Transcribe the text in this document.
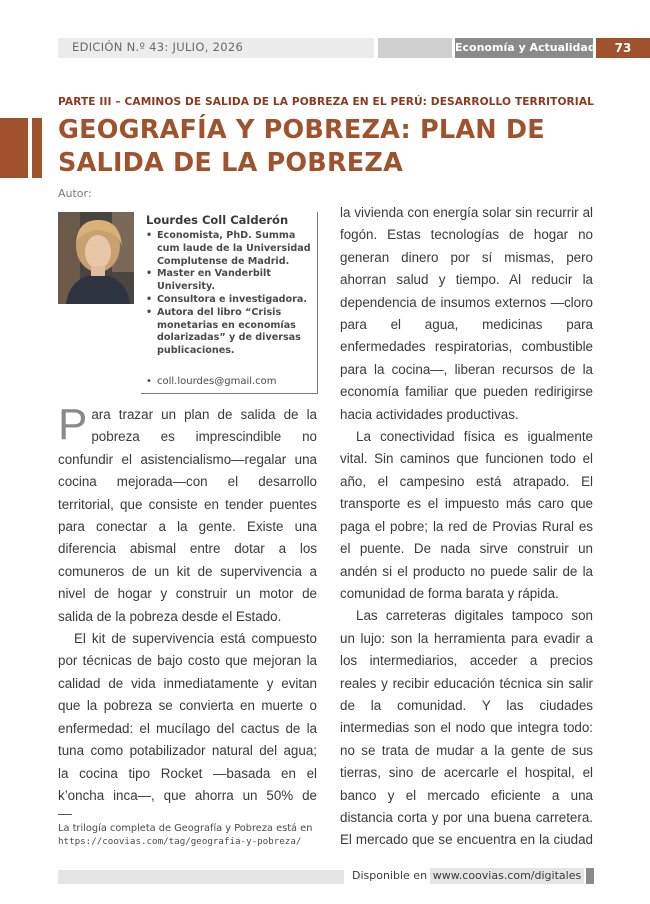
EDICIÓN N.º 43: JULIO, 2026	Economía y Actualidad	73
PARTE III – CAMINOS DE SALIDA DE LA POBREZA EN EL PERÚ: DESARROLLO TERRITORIAL
GEOGRAFÍA Y POBREZA: PLAN DE SALIDA DE LA POBREZA
Autor:
Lourdes Coll Calderón
• Economista, PhD. Summa cum laude de la Universidad Complutense de Madrid.
• Master en Vanderbilt University.
• Consultora e investigadora.
• Autora del libro “Crisis monetarias en economías dolarizadas” y de diversas publicaciones.
• coll.lourdes@gmail.com

Para trazar un plan de salida de la pobreza es imprescindible no confundir el asistencialismo—regalar una cocina mejorada—con el desarrollo territorial, que consiste en tender puentes para conectar a la gente. Existe una diferencia abismal entre dotar a los comuneros de un kit de supervivencia a nivel de hogar y construir un motor de salida de la pobreza desde el Estado.

El kit de supervivencia está compuesto por técnicas de bajo costo que mejoran la calidad de vida inmediatamente y evitan que la pobreza se convierta en muerte o enfermedad: el mucílago del cactus de la tuna como potabilizador natural del agua; la cocina tipo Rocket —basada en el k’oncha inca—, que ahorra un 50% de

la vivienda con energía solar sin recurrir al fogón. Estas tecnologías de hogar no generan dinero por sí mismas, pero ahorran salud y tiempo. Al reducir la dependencia de insumos externos —cloro para el agua, medicinas para enfermedades respiratorias, combustible para la cocina—, liberan recursos de la economía familiar que pueden redirigirse hacia actividades productivas.

La conectividad física es igualmente vital. Sin caminos que funcionen todo el año, el campesino está atrapado. El transporte es el impuesto más caro que paga el pobre; la red de Provias Rural es el puente. De nada sirve construir un andén si el producto no puede salir de la comunidad de forma barata y rápida.

Las carreteras digitales tampoco son un lujo: son la herramienta para evadir a los intermediarios, acceder a precios reales y recibir educación técnica sin salir de la comunidad. Y las ciudades intermedias son el nodo que integra todo: no se trata de mudar a la gente de sus tierras, sino de acercarle el hospital, el banco y el mercado eficiente a una distancia corta y por una buena carretera. El mercado que se encuentra en la ciudad

La trilogía completa de Geografía y Pobreza está en
https://coovias.com/tag/geografia-y-pobreza/
Disponible en www.coovias.com/digitales
